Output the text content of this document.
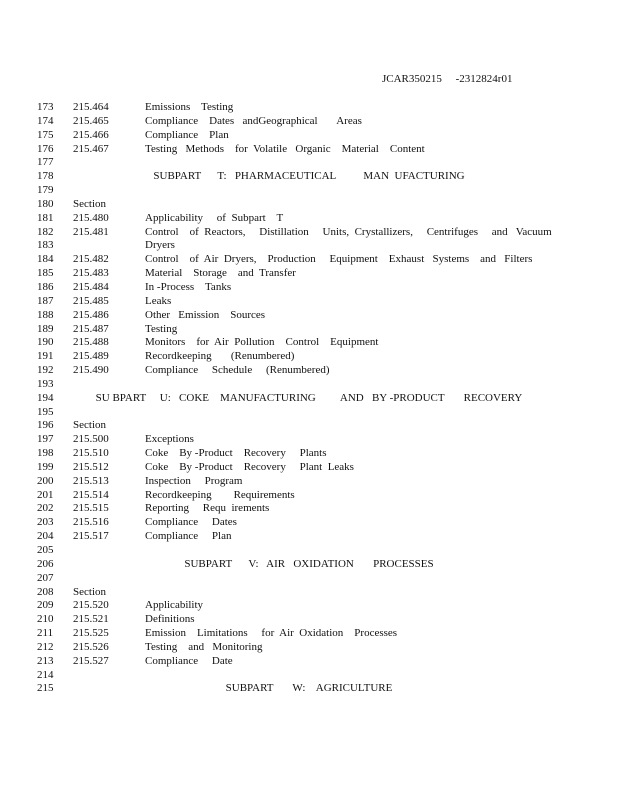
JCAR350215     -2312824r01
173 215.464	Emissions    Testing
174 215.465	Compliance    Dates   andGeographical       Areas
175 215.466	Compliance    Plan
176 215.467	Testing   Methods    for  Volatile   Organic    Material    Content
177
178	SUBPART      T:   PHARMACEUTICAL          MAN  UFACTURING
179
180 Section
181 215.480	Applicability     of  Subpart    T
182 215.481	Control    of  Reactors,     Distillation     Units,  Crystallizers,     Centrifuges     and   Vacuum
183	Dryers
184 215.482	Control    of  Air  Dryers,    Production     Equipment    Exhaust   Systems    and   Filters
185 215.483	Material    Storage    and  Transfer
186 215.484	In -Process    Tanks
187 215.485	Leaks
188 215.486	Other   Emission    Sources
189 215.487	Testing
190 215.488	Monitors    for  Air  Pollution    Control    Equipment
191 215.489	Recordkeeping       (Renumbered)
192 215.490	Compliance     Schedule     (Renumbered)
193
194	SU BPART     U:   COKE    MANUFACTURING         AND   BY -PRODUCT       RECOVERY
195
196 Section
197 215.500	Exceptions
198 215.510	Coke    By -Product    Recovery     Plants
199 215.512	Coke    By -Product    Recovery     Plant  Leaks
200 215.513	Inspection     Program
201 215.514	Recordkeeping        Requirements
202 215.515	Reporting     Requ  irements
203 215.516	Compliance     Dates
204 215.517	Compliance     Plan
205
206	SUBPART      V:   AIR   OXIDATION       PROCESSES
207
208 Section
209 215.520	Applicability
210 215.521	Definitions
211 215.525	Emission    Limitations     for  Air  Oxidation    Processes
212 215.526	Testing    and   Monitoring
213 215.527	Compliance     Date
214
215	SUBPART       W:    AGRICULTURE
